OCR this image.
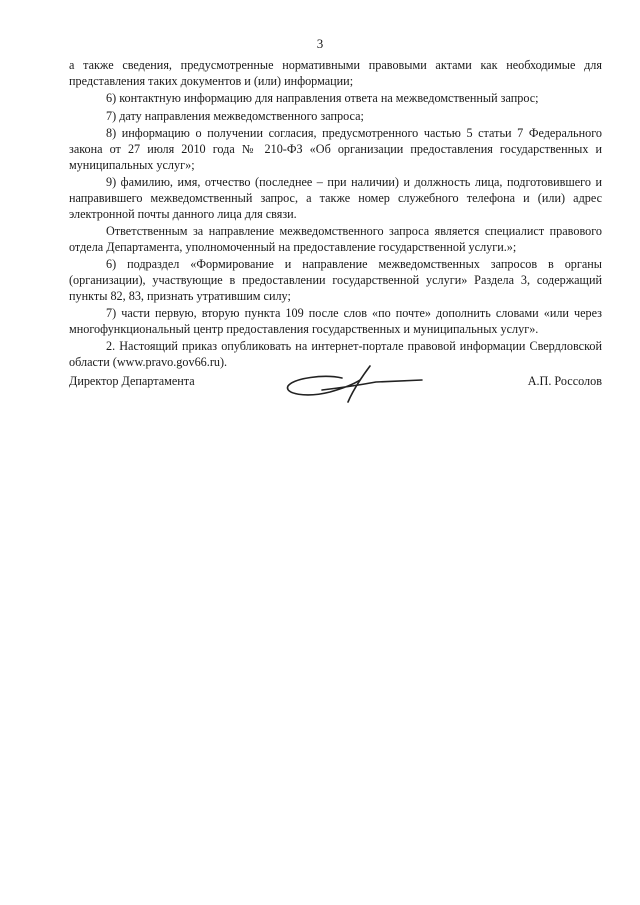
3

а также сведения, предусмотренные нормативными правовыми актами как необходимые для представления таких документов и (или) информации;

6) контактную информацию для направления ответа на межведомственный запрос;

7) дату направления межведомственного запроса;

8) информацию о получении согласия, предусмотренного частью 5 статьи 7 Федерального закона от 27 июля 2010 года № 210-ФЗ «Об организации предоставления государственных и муниципальных услуг»;

9) фамилию, имя, отчество (последнее – при наличии) и должность лица, подготовившего и направившего межведомственный запрос, а также номер служебного телефона и (или) адрес электронной почты данного лица для связи.

Ответственным за направление межведомственного запроса является специалист правового отдела Департамента, уполномоченный на предоставление государственной услуги.»;

6) подраздел «Формирование и направление межведомственных запросов в органы (организации), участвующие в предоставлении государственной услуги» Раздела 3, содержащий пункты 82, 83, признать утратившим силу;

7) части первую, вторую пункта 109 после слов «по почте» дополнить словами «или через многофункциональный центр предоставления государственных и муниципальных услуг».

2. Настоящий приказ опубликовать на интернет-портале правовой информации Свердловской области (www.pravo.gov66.ru).

Директор Департамента	А.П. Россолов
